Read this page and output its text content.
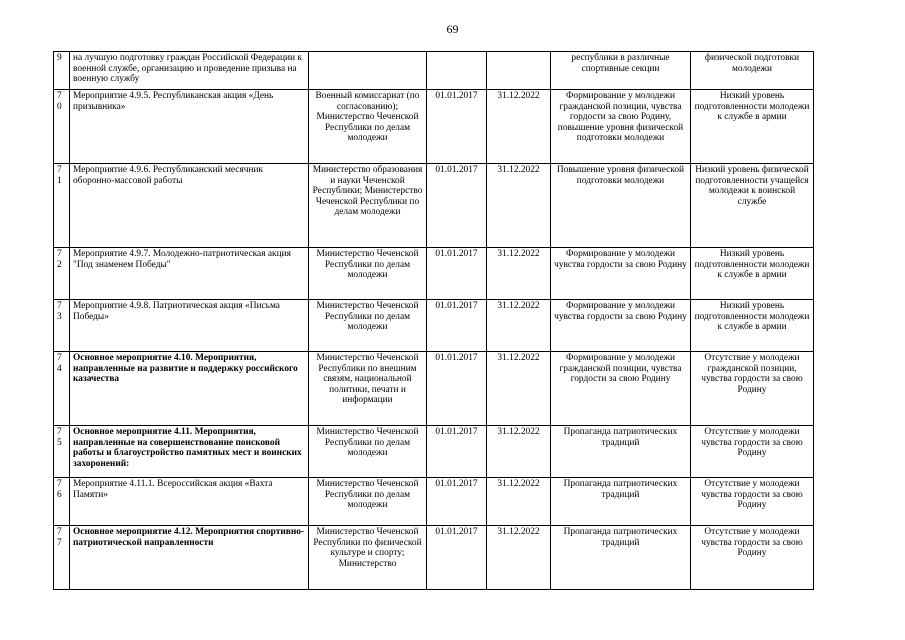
69
9	на лучшую подготовку граждан Российской Федерации к военной службе, организацию и проведение призыва на военную службу				республики в различные спортивные секции	физической подготовки молодежи
70	Мероприятие 4.9.5. Республиканская акция «День призывника»	Военный комиссариат (по согласованию); Министерство Чеченской Республики по делам молодежи	01.01.2017	31.12.2022	Формирование у молодежи гражданской позиции, чувства гордости за свою Родину, повышение уровня физической подготовки молодежи	Низкий уровень подготовленности молодежи к службе в армии
71	Мероприятие 4.9.6. Республиканский месячник оборонно-массовой работы	Министерство образования и науки Чеченской Республики; Министерство Чеченской Республики по делам молодежи	01.01.2017	31.12.2022	Повышение уровня физической подготовки молодежи	Низкий уровень физической подготовленности учащейся молодежи к воинской службе
72	Мероприятие 4.9.7. Молодежно-патриотическая акция "Под знаменем Победы"	Министерство Чеченской Республики по делам молодежи	01.01.2017	31.12.2022	Формирование у молодежи чувства гордости за свою Родину	Низкий уровень подготовленности молодежи к службе в армии
73	Мероприятие 4.9.8. Патриотическая акция «Письма Победы»	Министерство Чеченской Республики по делам молодежи	01.01.2017	31.12.2022	Формирование у молодежи чувства гордости за свою Родину	Низкий уровень подготовленности молодежи к службе в армии
74	Основное мероприятие 4.10. Мероприятия, направленные на развитие и поддержку российского казачества	Министерство Чеченской Республики по внешним связям, национальной политики, печати и информации	01.01.2017	31.12.2022	Формирование у молодежи гражданской позиции, чувства гордости за свою Родину	Отсутствие у молодежи гражданской позиции, чувства гордости за свою Родину
75	Основное мероприятие 4.11. Мероприятия, направленные на совершенствование поисковой работы и благоустройство памятных мест и воинских захоронений:	Министерство Чеченской Республики по делам молодежи	01.01.2017	31.12.2022	Пропаганда патриотических традиций	Отсутствие у молодежи чувства гордости за свою Родину
76	Мероприятие 4.11.1. Всероссийская акция «Вахта Памяти»	Министерство Чеченской Республики по делам молодежи	01.01.2017	31.12.2022	Пропаганда патриотических традиций	Отсутствие у молодежи чувства гордости за свою Родину
77	Основное мероприятие 4.12. Мероприятия спортивно-патриотической направленности	Министерство Чеченской Республики по физической культуре и спорту; Министерство	01.01.2017	31.12.2022	Пропаганда патриотических традиций	Отсутствие у молодежи чувства гордости за свою Родину
